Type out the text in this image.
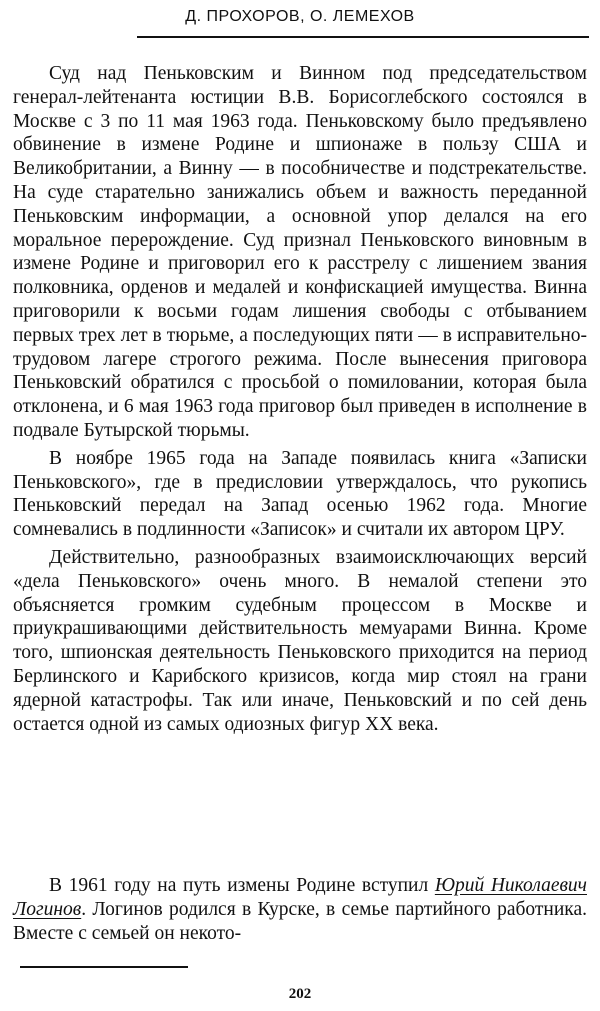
Д. ПРОХОРОВ, О. ЛЕМЕХОВ

Суд над Пеньковским и Винном под председательством генерал-лейтенанта юстиции В.В. Борисоглебского состоялся в Москве с 3 по 11 мая 1963 года. Пеньковскому было предъявлено обвинение в измене Родине и шпионаже в пользу США и Великобритании, а Винну — в пособничестве и подстрекательстве. На суде старательно занижались объем и важность переданной Пеньковским информации, а основной упор делался на его моральное перерождение. Суд признал Пеньковского виновным в измене Родине и приговорил его к расстрелу с лишением звания полковника, орденов и медалей и конфискацией имущества. Винна приговорили к восьми годам лишения свободы с отбыванием первых трех лет в тюрьме, а последующих пяти — в исправительно-трудовом лагере строгого режима. После вынесения приговора Пеньковский обратился с просьбой о помиловании, которая была отклонена, и 6 мая 1963 года приговор был приведен в исполнение в подвале Бутырской тюрьмы.

В ноябре 1965 года на Западе появилась книга «Записки Пеньковского», где в предисловии утверждалось, что рукопись Пеньковский передал на Запад осенью 1962 года. Многие сомневались в подлинности «Записок» и считали их автором ЦРУ.

Действительно, разнообразных взаимоисключающих версий «дела Пеньковского» очень много. В немалой степени это объясняется громким судебным процессом в Москве и приукрашивающими действительность мемуарами Винна. Кроме того, шпионская деятельность Пеньковского приходится на период Берлинского и Карибского кризисов, когда мир стоял на грани ядерной катастрофы. Так или иначе, Пеньковский и по сей день остается одной из самых одиозных фигур XX века.

В 1961 году на путь измены Родине вступил Юрий Николаевич Логинов. Логинов родился в Курске, в семье партийного работника. Вместе с семьей он некото-

202
